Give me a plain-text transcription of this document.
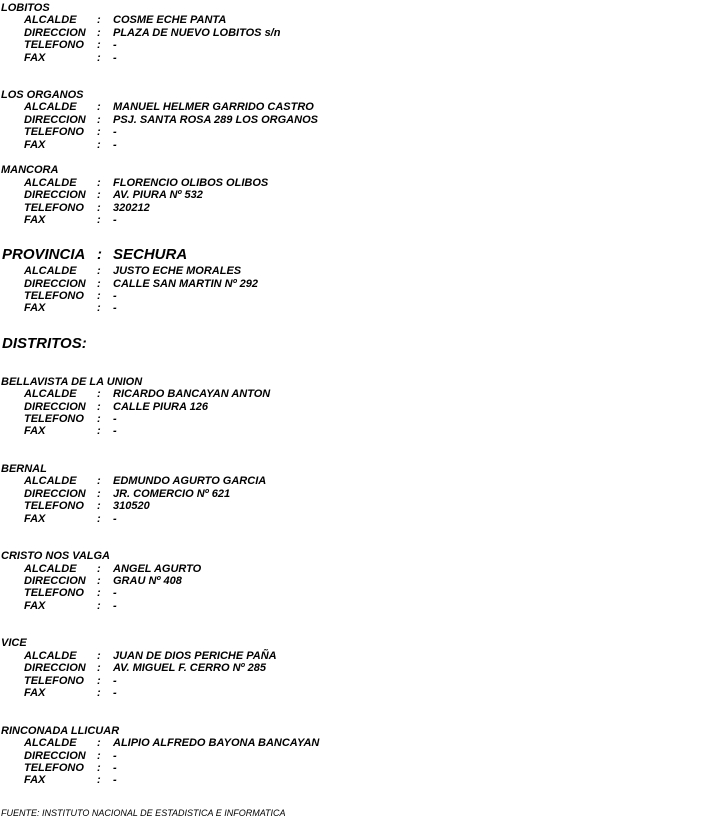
LOBITOS
ALCALDE : COSME ECHE PANTA
DIRECCION : PLAZA DE NUEVO LOBITOS s/n
TELEFONO : -
FAX	: -
LOS ORGANOS
ALCALDE : MANUEL HELMER GARRIDO CASTRO
DIRECCION : PSJ. SANTA ROSA 289 LOS ORGANOS
TELEFONO : -
FAX	: -
MANCORA
ALCALDE : FLORENCIO OLIBOS OLIBOS
DIRECCION : AV. PIURA Nº 532
TELEFONO : 320212
FAX	: -
PROVINCIA : SECHURA
ALCALDE : JUSTO ECHE MORALES
DIRECCION : CALLE SAN MARTIN Nº 292
TELEFONO : -
FAX	: -
DISTRITOS:
BELLAVISTA DE LA UNION
ALCALDE : RICARDO BANCAYAN ANTON
DIRECCION : CALLE PIURA 126
TELEFONO : -
FAX	: -
BERNAL
ALCALDE : EDMUNDO AGURTO GARCIA
DIRECCION : JR. COMERCIO Nº 621
TELEFONO : 310520
FAX	: -
CRISTO NOS VALGA
ALCALDE : ANGEL AGURTO
DIRECCION : GRAU Nº 408
TELEFONO : -
FAX	: -
VICE
ALCALDE : JUAN DE DIOS PERICHE PAÑA
DIRECCION : AV. MIGUEL F. CERRO Nº 285
TELEFONO : -
FAX	: -
RINCONADA LLICUAR
ALCALDE : ALIPIO ALFREDO BAYONA BANCAYAN
DIRECCION : -
TELEFONO : -
FAX	: -
FUENTE: INSTITUTO NACIONAL DE ESTADISTICA E INFORMATICA
